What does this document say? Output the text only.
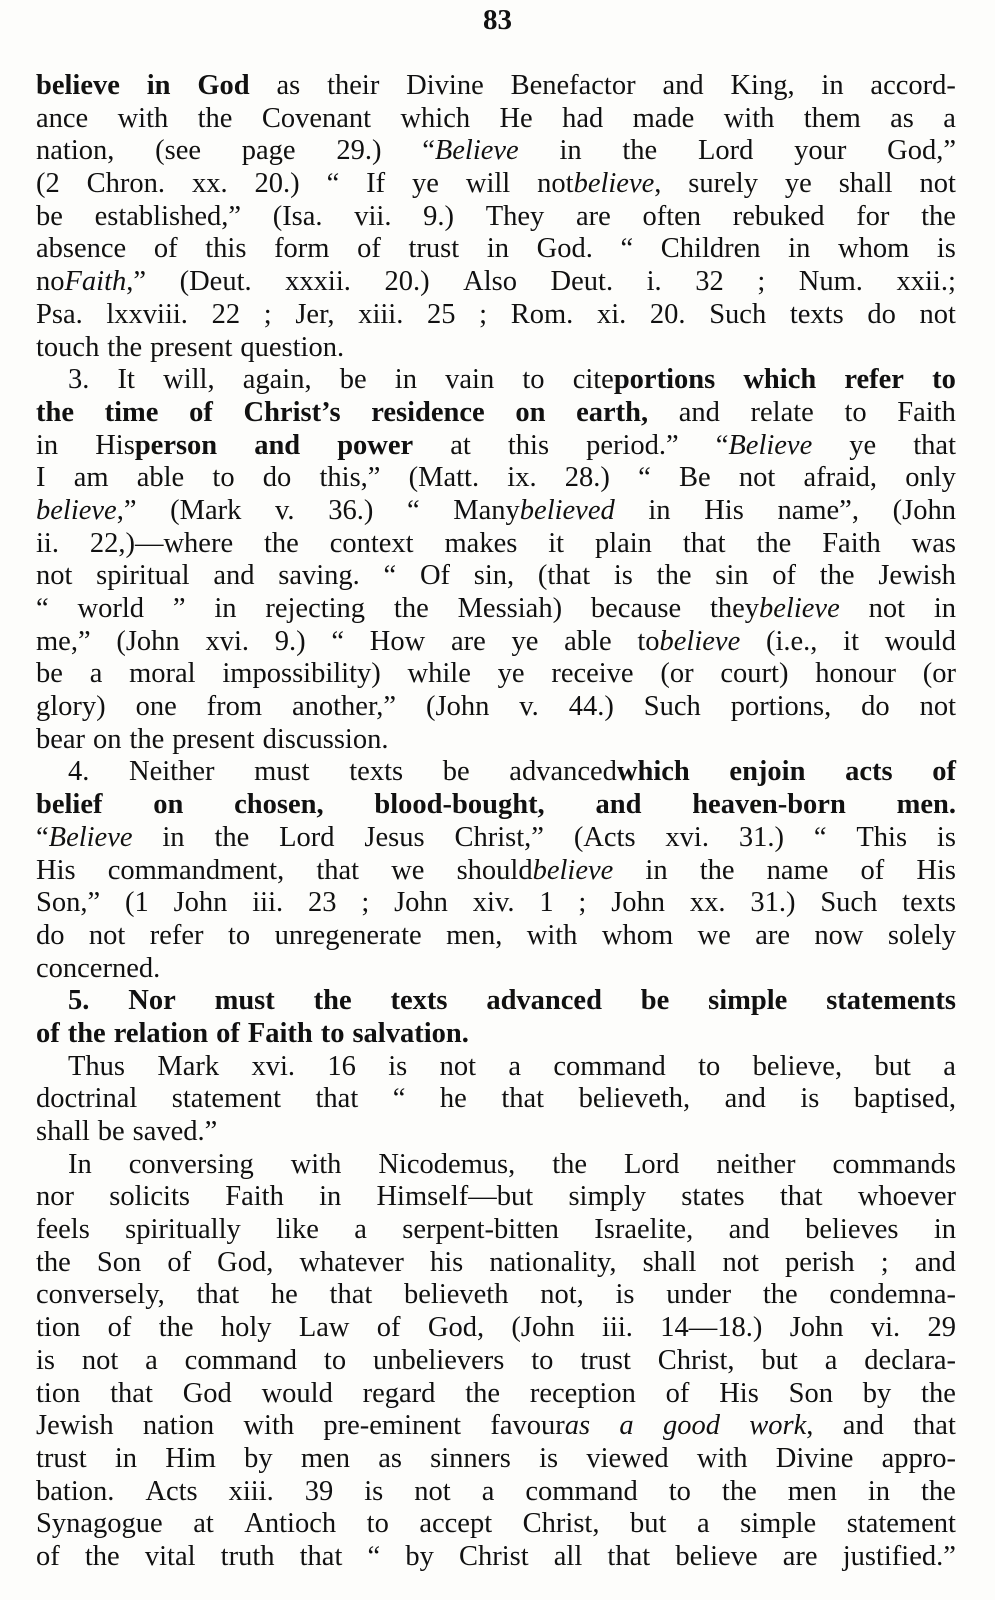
83
believe in God as their Divine Benefactor and King, in accord-
ance with the Covenant which He had made with them as a
nation, (see page 29.) “Believe in the Lord your God,”
(2 Chron. xx. 20.) “ If ye will notbelieve, surely ye shall not
be established,” (Isa. vii. 9.) They are often rebuked for the
absence of this form of trust in God. “ Children in whom is
noFaith,” (Deut. xxxii. 20.) Also Deut. i. 32 ; Num. xxii.;
Psa. lxxviii. 22 ; Jer, xiii. 25 ; Rom. xi. 20. Such texts do not
touch the present question.
3. It will, again, be in vain to citeportions which refer to
the time of Christ’s residence on earth, and relate to Faith
in Hisperson and power at this period.” “Believe ye that
I am able to do this,” (Matt. ix. 28.) “ Be not afraid, only
believe,” (Mark v. 36.) “ Manybelieved in His name”, (John
ii. 22,)—where the context makes it plain that the Faith was
not spiritual and saving. “ Of sin, (that is the sin of the Jewish
“ world ” in rejecting the Messiah) because theybelieve not in
me,” (John xvi. 9.) “ How are ye able tobelieve (i.e., it would
be a moral impossibility) while ye receive (or court) honour (or
glory) one from another,” (John v. 44.) Such portions, do not
bear on the present discussion.
4. Neither must texts be advancedwhich enjoin acts of
belief on chosen, blood-bought, and heaven-born men.
“Believe in the Lord Jesus Christ,” (Acts xvi. 31.) “ This is
His commandment, that we shouldbelieve in the name of His
Son,” (1 John iii. 23 ; John xiv. 1 ; John xx. 31.) Such texts
do not refer to unregenerate men, with whom we are now solely
concerned.
5. Nor must the texts advanced be simple statements
of the relation of Faith to salvation.
Thus Mark xvi. 16 is not a command to believe, but a
doctrinal statement that “ he that believeth, and is baptised,
shall be saved.”
In conversing with Nicodemus, the Lord neither commands
nor solicits Faith in Himself—but simply states that whoever
feels spiritually like a serpent-bitten Israelite, and believes in
the Son of God, whatever his nationality, shall not perish ; and
conversely, that he that believeth not, is under the condemna-
tion of the holy Law of God, (John iii. 14—18.) John vi. 29
is not a command to unbelievers to trust Christ, but a declara-
tion that God would regard the reception of His Son by the
Jewish nation with pre-eminent favouras a good work, and that
trust in Him by men as sinners is viewed with Divine appro-
bation. Acts xiii. 39 is not a command to the men in the
Synagogue at Antioch to accept Christ, but a simple statement
of the vital truth that “ by Christ all that believe are justified.”
